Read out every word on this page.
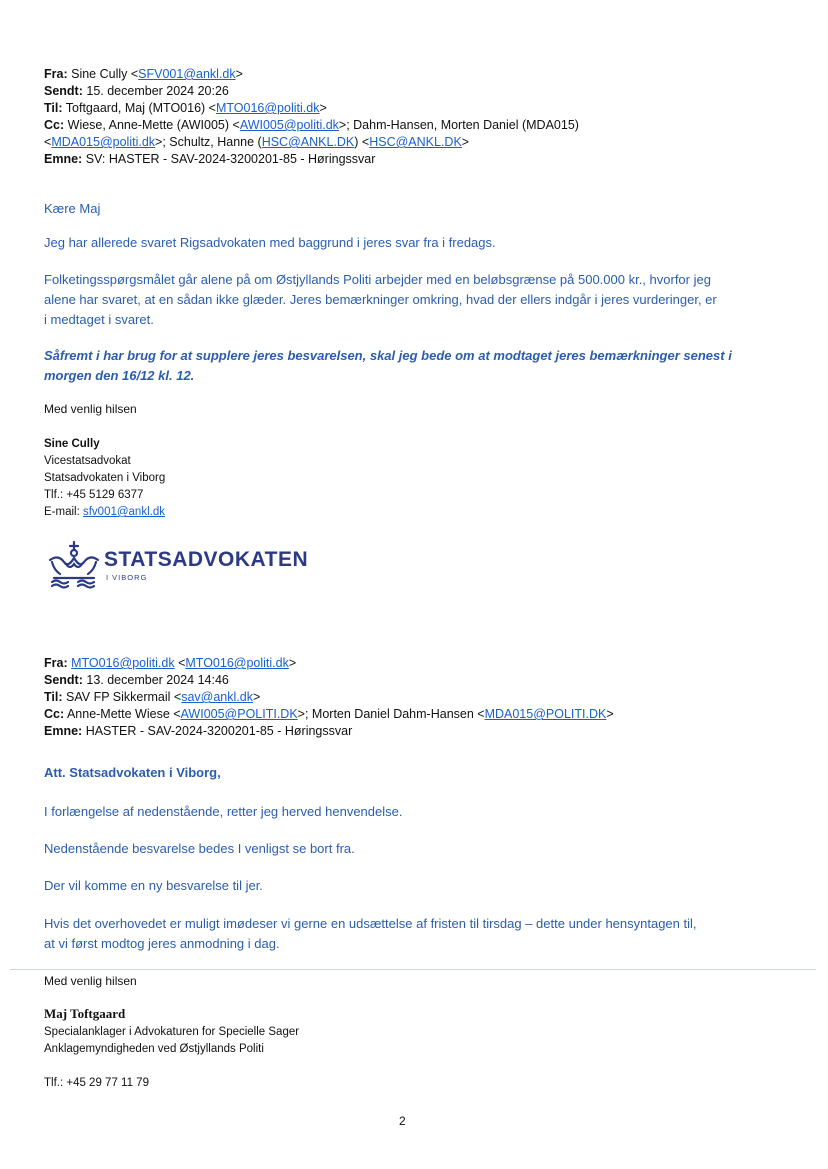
Fra: Sine Cully <SFV001@ankl.dk>
Sendt: 15. december 2024 20:26
Til: Toftgaard, Maj (MTO016) <MTO016@politi.dk>
Cc: Wiese, Anne-Mette (AWI005) <AWI005@politi.dk>; Dahm-Hansen, Morten Daniel (MDA015)
<MDA015@politi.dk>; Schultz, Hanne (HSC@ANKL.DK) <HSC@ANKL.DK>
Emne: SV: HASTER - SAV-2024-3200201-85 - Høringssvar
Kære Maj
Jeg har allerede svaret Rigsadvokaten med baggrund i jeres svar fra i fredags.
Folketingsspørgsmålet går alene på om Østjyllands Politi arbejder med en beløbsgrænse på 500.000 kr., hvorfor jeg
alene har svaret, at en sådan ikke glæder. Jeres bemærkninger omkring, hvad der ellers indgår i jeres vurderinger, er
i medtaget i svaret.
Såfremt i har brug for at supplere jeres besvarelsen, skal jeg bede om at modtaget jeres bemærkninger senest i
morgen den 16/12 kl. 12.
Med venlig hilsen
Sine Cully
Vicestatsadvokat
Statsadvokaten i Viborg
Tlf.: +45 5129 6377
E-mail: sfv001@ankl.dk
STATSADVOKATEN
I VIBORG
Fra: MTO016@politi.dk <MTO016@politi.dk>
Sendt: 13. december 2024 14:46
Til: SAV FP Sikkermail <sav@ankl.dk>
Cc: Anne-Mette Wiese <AWI005@POLITI.DK>; Morten Daniel Dahm-Hansen <MDA015@POLITI.DK>
Emne: HASTER - SAV-2024-3200201-85 - Høringssvar
Att. Statsadvokaten i Viborg,
I forlængelse af nedenstående, retter jeg herved henvendelse.
Nedenstående besvarelse bedes I venligst se bort fra.
Der vil komme en ny besvarelse til jer.
Hvis det overhovedet er muligt imødeser vi gerne en udsættelse af fristen til tirsdag – dette under hensyntagen til,
at vi først modtog jeres anmodning i dag.
Med venlig hilsen
Maj Toftgaard
Specialanklager i Advokaturen for Specielle Sager
Anklagemyndigheden ved Østjyllands Politi
Tlf.: +45 29 77 11 79
2
